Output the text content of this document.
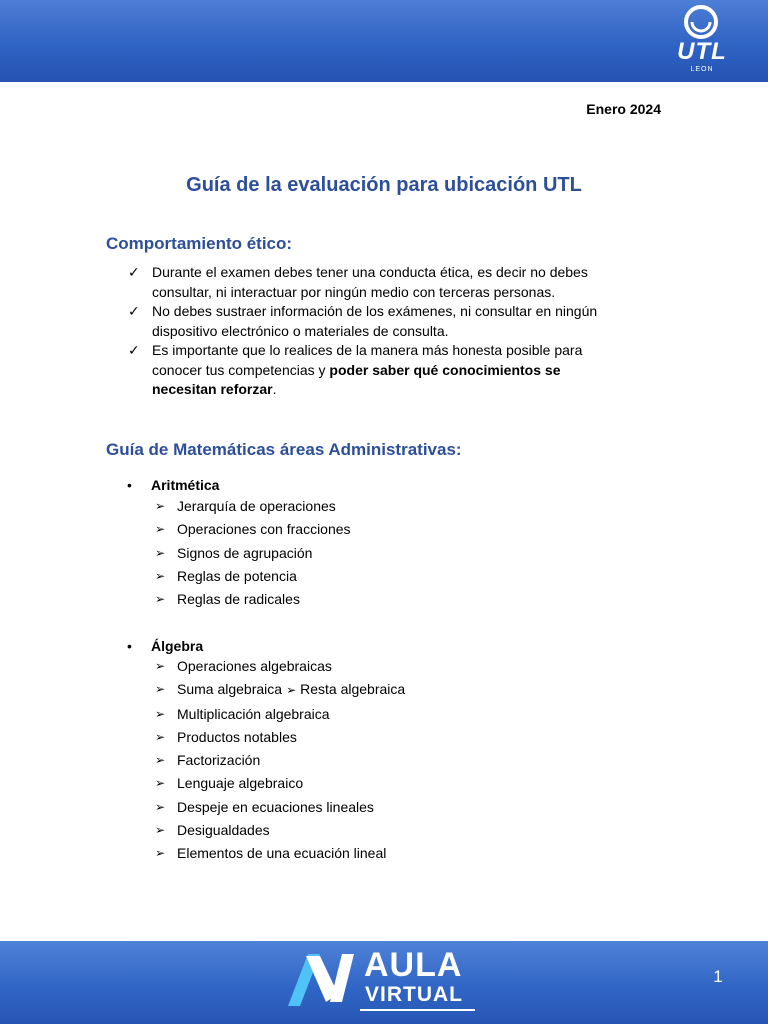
UTL
LEON
Enero 2024
Guía de la evaluación para ubicación UTL
Comportamiento ético:
✓ Durante el examen debes tener una conducta ética, es decir no debes
consultar, ni interactuar por ningún medio con terceras personas.
✓ No debes sustraer información de los exámenes, ni consultar en ningún
dispositivo electrónico o materiales de consulta.
✓ Es importante que lo realices de la manera más honesta posible para
conocer tus competencias y poder saber qué conocimientos se
necesitan reforzar.
Guía de Matemáticas áreas Administrativas:
• Aritmética
➢ Jerarquía de operaciones
➢ Operaciones con fracciones
➢ Signos de agrupación
➢ Reglas de potencia
➢ Reglas de radicales
• Álgebra
➢ Operaciones algebraicas
➢ Suma algebraica ➢ Resta algebraica
➢ Multiplicación algebraica
➢ Productos notables
➢ Factorización
➢ Lenguaje algebraico
➢ Despeje en ecuaciones lineales
➢ Desigualdades
➢ Elementos de una ecuación lineal
AULA
VIRTUAL
1
